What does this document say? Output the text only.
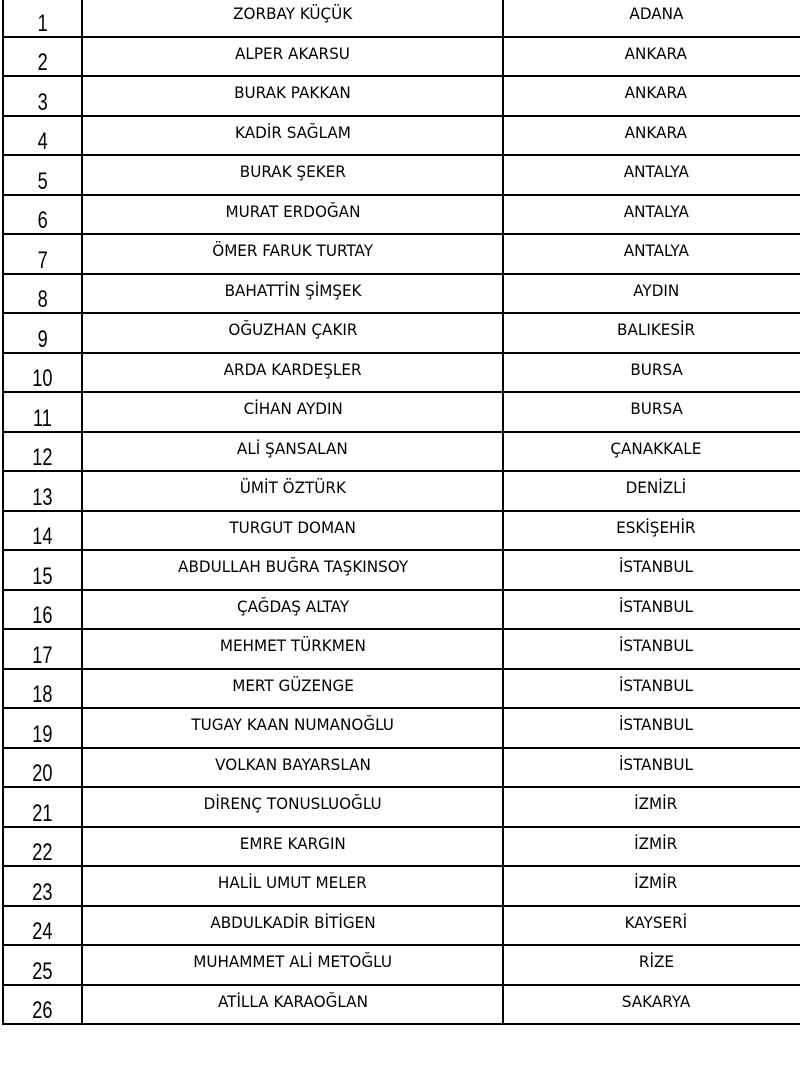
1	ZORBAY KÜÇÜK	ADANA
2	ALPER AKARSU	ANKARA
3	BURAK PAKKAN	ANKARA
4	KADİR SAĞLAM	ANKARA
5	BURAK ŞEKER	ANTALYA
6	MURAT ERDOĞAN	ANTALYA
7	ÖMER FARUK TURTAY	ANTALYA
8	BAHATTİN ŞİMŞEK	AYDIN
9	OĞUZHAN ÇAKIR	BALIKESİR
10	ARDA KARDEŞLER	BURSA
11	CİHAN AYDIN	BURSA
12	ALİ ŞANSALAN	ÇANAKKALE
13	ÜMİT ÖZTÜRK	DENİZLİ
14	TURGUT DOMAN	ESKİŞEHİR
15	ABDULLAH BUĞRA TAŞKINSOY	İSTANBUL
16	ÇAĞDAŞ ALTAY	İSTANBUL
17	MEHMET TÜRKMEN	İSTANBUL
18	MERT GÜZENGE	İSTANBUL
19	TUGAY KAAN NUMANOĞLU	İSTANBUL
20	VOLKAN BAYARSLAN	İSTANBUL
21	DİRENÇ TONUSLUOĞLU	İZMİR
22	EMRE KARGIN	İZMİR
23	HALİL UMUT MELER	İZMİR
24	ABDULKADİR BİTİGEN	KAYSERİ
25	MUHAMMET ALİ METOĞLU	RİZE
26	ATİLLA KARAOĞLAN	SAKARYA
